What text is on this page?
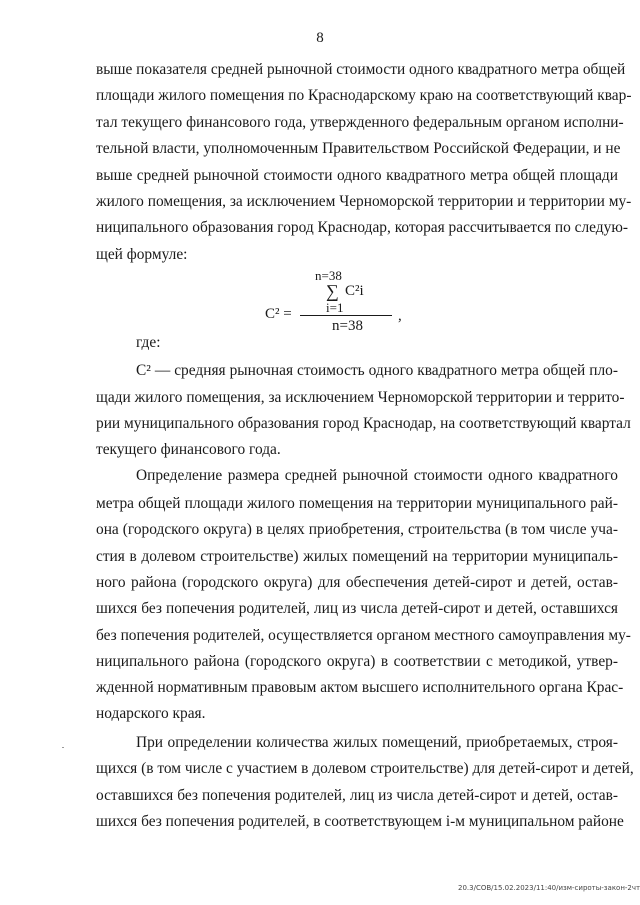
8
выше показателя средней рыночной стоимости одного квадратного метра общей
площади жилого помещения по Краснодарскому краю на соответствующий квар-
тал текущего финансового года, утвержденного федеральным органом исполни-
тельной власти, уполномоченным Правительством Российской Федерации, и не
выше средней рыночной стоимости одного квадратного метра общей площади
жилого помещения, за исключением Черноморской территории и территории му-
ниципального образования город Краснодар, которая рассчитывается по следую-
щей формуле:
n=38
∑ C²i
i=1
C² =
n=38
,
где:
C² — средняя рыночная стоимость одного квадратного метра общей пло-
щади жилого помещения, за исключением Черноморской территории и террито-
рии муниципального образования город Краснодар, на соответствующий квартал
текущего финансового года.
Определение размера средней рыночной стоимости одного квадратного
метра общей площади жилого помещения на территории муниципального рай-
она (городского округа) в целях приобретения, строительства (в том числе уча-
стия в долевом строительстве) жилых помещений на территории муниципаль-
ного района (городского округа) для обеспечения детей-сирот и детей, остав-
шихся без попечения родителей, лиц из числа детей-сирот и детей, оставшихся
без попечения родителей, осуществляется органом местного самоуправления му-
ниципального района (городского округа) в соответствии с методикой, утвер-
жденной нормативным правовым актом высшего исполнительного органа Крас-
нодарского края.
При определении количества жилых помещений, приобретаемых, строя-
щихся (в том числе с участием в долевом строительстве) для детей-сирот и детей,
оставшихся без попечения родителей, лиц из числа детей-сирот и детей, остав-
шихся без попечения родителей, в соответствующем i-м муниципальном районе
20.3/СОВ/15.02.2023/11:40/изм-сироты-закон-2чт
